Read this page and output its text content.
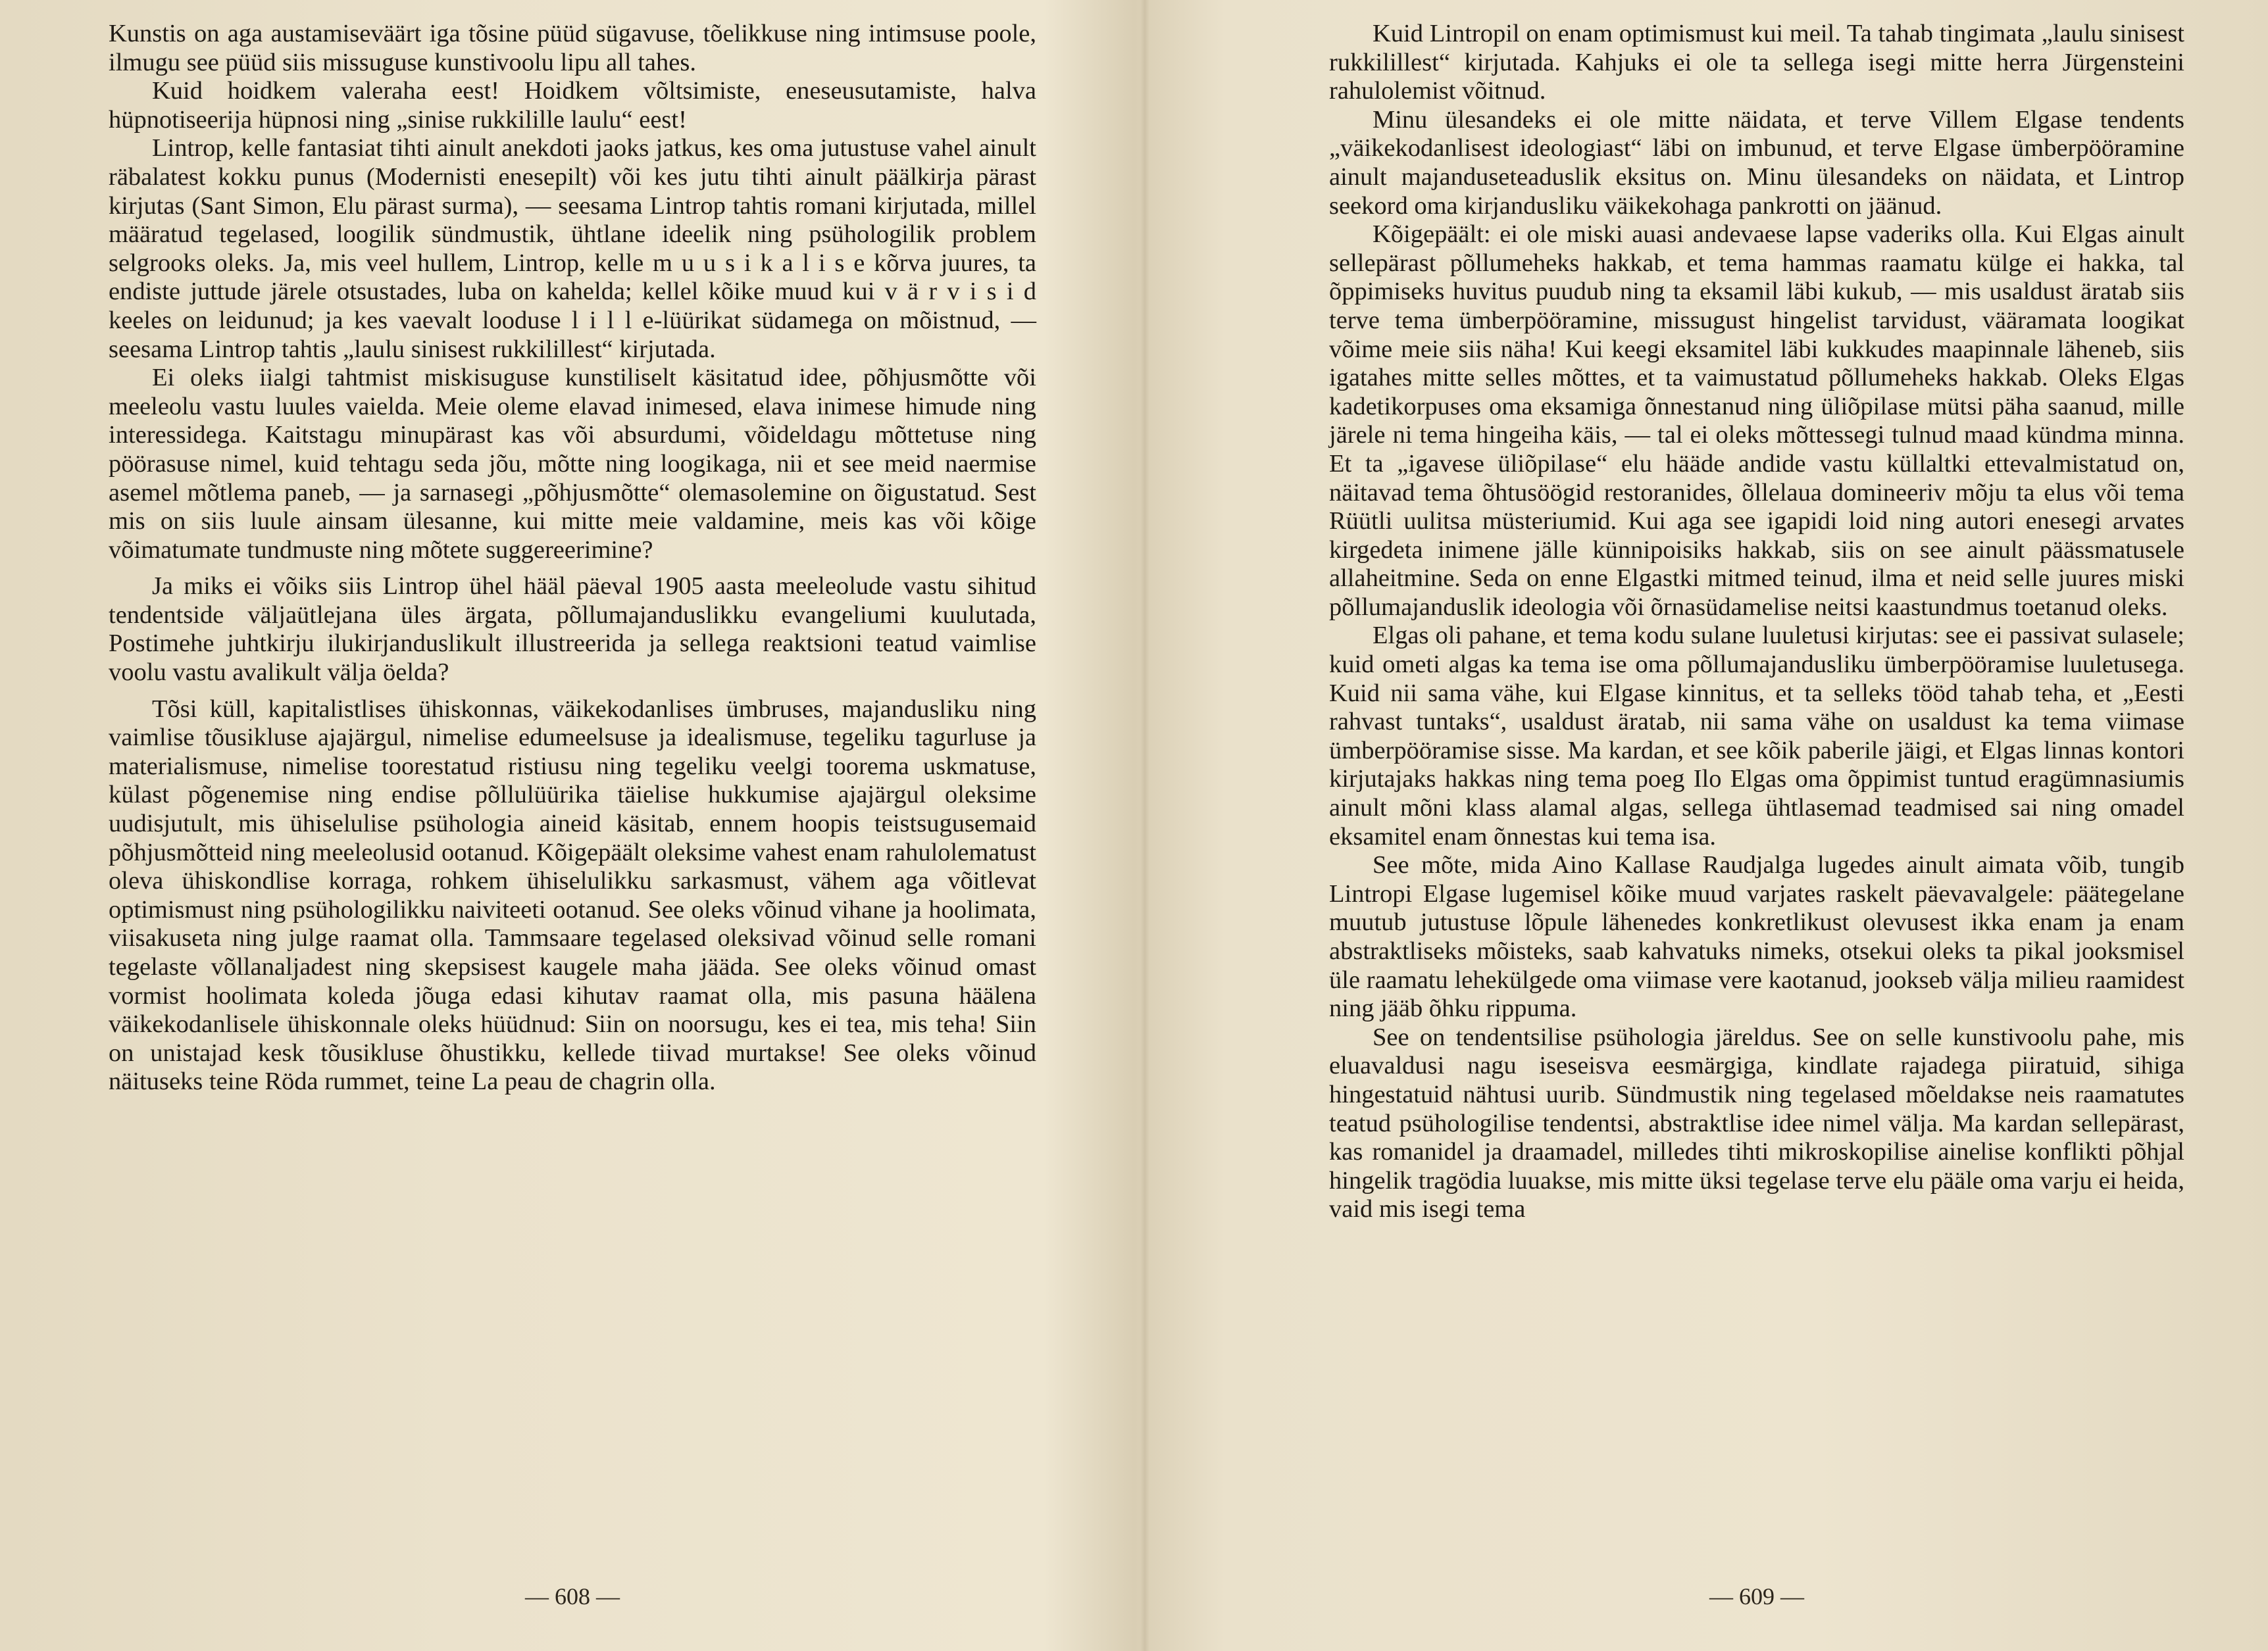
Kunstis on aga austamiseväärt iga tõsine püüd sügavuse, tõelikkuse ning intimsuse poole, ilmugu see püüd siis missuguse kunstivoolu lipu all tahes.

Kuid hoidkem valeraha eest! Hoidkem võltsimiste, eneseusutamiste, halva hüpnotiseerija hüpnosi ning „sinise rukkilille laulu“ eest!

Lintrop, kelle fantasiat tihti ainult anekdoti jaoks jatkus, kes oma jutustuse vahel ainult räbalatest kokku punus (Modernisti enesepilt) või kes jutu tihti ainult päälkirja pärast kirjutas (Sant Simon, Elu pärast surma), — seesama Lintrop tahtis romani kirjutada, millel määratud tegelased, loogilik sündmustik, ühtlane ideelik ning psühologilik problem selgrooks oleks. Ja, mis veel hullem, Lintrop, kelle m u u s i k a l i s e kõrva juures, ta endiste juttude järele otsustades, luba on kahelda; kellel kõike muud kui v ä r v i s i d keeles on leidunud; ja kes vaevalt looduse l i l l e-lüürikat südamega on mõistnud, — seesama Lintrop tahtis „laulu sinisest rukkilillest“ kirjutada.

Ei oleks iialgi tahtmist miskisuguse kunstiliselt käsitatud idee, põhjusmõtte või meeleolu vastu luules vaielda. Meie oleme elavad inimesed, elava inimese himude ning interessidega. Kaitstagu minupärast kas või absurdumi, võideldagu mõttetuse ning pöörasuse nimel, kuid tehtagu seda jõu, mõtte ning loogikaga, nii et see meid naermise asemel mõtlema paneb, — ja sarnasegi „põhjusmõtte“ olemasolemine on õigustatud. Sest mis on siis luule ainsam ülesanne, kui mitte meie valdamine, meis kas või kõige võimatumate tundmuste ning mõtete suggereerimine?

Ja miks ei võiks siis Lintrop ühel hääl päeval 1905 aasta meeleolude vastu sihitud tendentside väljaütlejana üles ärgata, põllumajanduslikku evangeliumi kuulutada, Postimehe juhtkirju ilukirjanduslikult illustreerida ja sellega reaktsioni teatud vaimlise voolu vastu avalikult välja öelda?

Tõsi küll, kapitalistlises ühiskonnas, väikekodanlises ümbruses, majandusliku ning vaimlise tõusikluse ajajärgul, nimelise edumeelsuse ja idealismuse, tegeliku tagurluse ja materialismuse, nimelise toorestatud ristiusu ning tegeliku veelgi toorema uskmatuse, külast põgenemise ning endise põllulüürika täielise hukkumise ajajärgul oleksime uudisjutult, mis ühiselulise psühologia aineid käsitab, ennem hoopis teistsugusemaid põhjusmõtteid ning meeleolusid ootanud. Kõigepäält oleksime vahest enam rahulolematust oleva ühiskondlise korraga, rohkem ühiselulikku sarkasmust, vähem aga võitlevat optimismust ning psühologilikku naiviteeti ootanud. See oleks võinud vihane ja hoolimata, viisakuseta ning julge raamat olla. Tammsaare tegelased oleksivad võinud selle romani tegelaste võllanaljadest ning skepsisest kaugele maha jääda. See oleks võinud omast vormist hoolimata koleda jõuga edasi kihutav raamat olla, mis pasuna häälena väikekodanlisele ühiskonnale oleks hüüdnud: Siin on noorsugu, kes ei tea, mis teha! Siin on unistajad kesk tõusikluse õhustikku, kellede tiivad murtakse! See oleks võinud näituseks teine Röda rummet, teine La peau de chagrin olla.

— 608 —

Kuid Lintropil on enam optimismust kui meil. Ta tahab tingimata „laulu sinisest rukkilillest“ kirjutada. Kahjuks ei ole ta sellega isegi mitte herra Jürgensteini rahulolemist võitnud.

Minu ülesandeks ei ole mitte näidata, et terve Villem Elgase tendents „väikekodanlisest ideologiast“ läbi on imbunud, et terve Elgase ümberpööramine ainult majanduseteaduslik eksitus on. Minu ülesandeks on näidata, et Lintrop seekord oma kirjandusliku väikekohaga pankrotti on jäänud.

Kõigepäält: ei ole miski auasi andevaese lapse vaderiks olla. Kui Elgas ainult sellepärast põllumeheks hakkab, et tema hammas raamatu külge ei hakka, tal õppimiseks huvitus puudub ning ta eksamil läbi kukub, — mis usaldust äratab siis terve tema ümberpööramine, missugust hingelist tarvidust, vääramata loogikat võime meie siis näha! Kui keegi eksamitel läbi kukkudes maapinnale läheneb, siis igatahes mitte selles mõttes, et ta vaimustatud põllumeheks hakkab. Oleks Elgas kadetikorpuses oma eksamiga õnnestanud ning üliõpilase mütsi päha saanud, mille järele ni tema hingeiha käis, — tal ei oleks mõttessegi tulnud maad kündma minna. Et ta „igavese üliõpilase“ elu hääde andide vastu küllaltki ettevalmistatud on, näitavad tema õhtusöögid restoranides, õllelaua domineeriv mõju ta elus või tema Rüütli uulitsa müsteriumid. Kui aga see igapidi loid ning autori enesegi arvates kirgedeta inimene jälle künnipoisiks hakkab, siis on see ainult päässmatusele allaheitmine. Seda on enne Elgastki mitmed teinud, ilma et neid selle juures miski põllumajanduslik ideologia või õrnasüdamelise neitsi kaastundmus toetanud oleks.

Elgas oli pahane, et tema kodu sulane luuletusi kirjutas: see ei passivat sulasele; kuid ometi algas ka tema ise oma põllumajandusliku ümberpööramise luuletusega. Kuid nii sama vähe, kui Elgase kinnitus, et ta selleks tööd tahab teha, et „Eesti rahvast tuntaks“, usaldust äratab, nii sama vähe on usaldust ka tema viimase ümberpööramise sisse. Ma kardan, et see kõik paberile jäigi, et Elgas linnas kontori kirjutajaks hakkas ning tema poeg Ilo Elgas oma õppimist tuntud eragümnasiumis ainult mõni klass alamal algas, sellega ühtlasemad teadmised sai ning omadel eksamitel enam õnnestas kui tema isa.

See mõte, mida Aino Kallase Raudjalga lugedes ainult aimata võib, tungib Lintropi Elgase lugemisel kõike muud varjates raskelt päevavalgele: päätegelane muutub jutustuse lõpule lähenedes konkretlikust olevusest ikka enam ja enam abstraktliseks mõisteks, saab kahvatuks nimeks, otsekui oleks ta pikal jooksmisel üle raamatu lehekülgede oma viimase vere kaotanud, jookseb välja milieu raamidest ning jääb õhku rippuma.

See on tendentsilise psühologia järeldus. See on selle kunstivoolu pahe, mis eluavaldusi nagu iseseisva eesmärgiga, kindlate rajadega piiratuid, sihiga hingestatuid nähtusi uurib. Sündmustik ning tegelased mõeldakse neis raamatutes teatud psühologilise tendentsi, abstraktlise idee nimel välja. Ma kardan sellepärast, kas romanidel ja draamadel, milledes tihti mikroskopilise ainelise konflikti põhjal hingelik tragödia luuakse, mis mitte üksi tegelase terve elu pääle oma varju ei heida, vaid mis isegi tema

— 609 —
